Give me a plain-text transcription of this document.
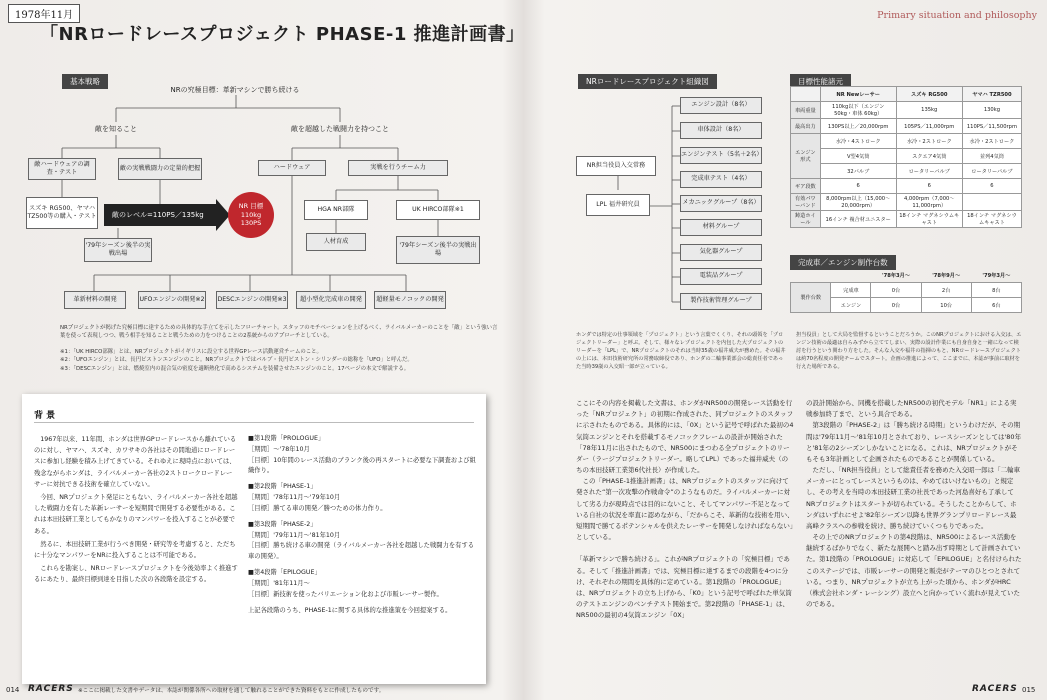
1978年11月
「NRロードレースプロジェクト PHASE-1 推進計画書」
Primary situation and philosophy
基本戦略
NRの究極目標：革新マシンで勝ち続ける
敵を知ること	敵を超越した戦闘力を持つこと
敵ハードウェアの調査・テスト
敵の実戦戦闘力の定量的把握
スズキ RG500、ヤマハ TZ500等の購入・テスト	敵のレベル=110PS／135kg
NR 目標
110kg
130PS
'79年シーズン後半の実戦出場
ハードウェア	実戦を行うチーム力
HGA NR部隊	UK HIRCO部隊※1
人材育成
'79年シーズン後半の実戦出場
革新材料の開発	UFOエンジンの開発※2 DESCエンジンの開発※3	超小型化完成車の開発	超軽量モノコックの開発
NRプロジェクトが掲げた究極目標に達するための具体的な手立てを示したフローチャート。スタッフのモチベーションを上げるべく、ライバルメーカーのことを「敵」という強い言葉を使って表現しつつ、戦う相手を知ることと戦うための力をつけることの2系統からのアプローチとしている。
※1：「UK HIRCO部隊」とは、NRプロジェクトがイギリスに設立する世界GPレース活動運営チームのこと。
※2：「UFOエンジン」とは、長円ピストンエンジンのこと。NRプロジェクトではバルブ・長円ピストン・シリンダーの総称を「UFO」と呼んだ。
※3：「DESCエンジン」とは、燃焼室内の混合気の密度を適断熱化で高めるシステムを装備させたエンジンのこと。17ページの本文で解説する。
背 景

1967年以来、11年間、ホンダは世界GPロードレースから離れているのに対し、ヤマハ、スズキ、カワサキの各社はその間地道にロードレースに参加し経験を積み上げてきている。それゆえに現時点においては、残念ながらホンダは、ライバルメーカー各社の2ストロークロードレーサーに対抗できる技術を確立していない。

今回、NRプロジェクト発足にともない、ライバルメーカー各社を超越した戦闘力を有した革新レーサーを短期間で開発する必要性がある。これは本田技研工業としてもかなりのマンパワーを投入することが必要である。

然るに、本田技研工業が行うべき開発・研究等を考慮すると、ただちに十分なマンパワーをNRに投入することは不可能である。

これらを勘案し、NRロードレースプロジェクトを今後効率よく推進するにあたり、最終目標到達を目指した次の各段階を設定する。

■第1段階「PROLOGUE」
［期間］〜'78年10月
［目標］10年間のレース活動のブランク後の再スタートに必要な下調査および組織作り。
■第2段階「PHASE-1」
［期間］'78年11月〜'79年10月
［目標］勝てる車の開発／勝つための体力作り。
■第3段階「PHASE-2」
［期間］'79年11月〜'81年10月
［目標］勝ち続ける車の開発（ライバルメーカー各社を超越した戦闘力を有する車の開発）。
■第4段階「EPILOGUE」
［期間］'81年11月〜
［目標］新技術を使ったバリエーション化および市販レーサー製作。
上記各段階のうち、PHASE-1に関する具体的な推進策を今回提案する。
NRロードレースプロジェクト組織図
NR担当役員入交常務
LPL 福井研究員
エンジン設計（8名）
車体設計（8名）
エンジンテスト（5名＋2名）
完成車テスト（4名）
メカニックグループ（8名）
材料グループ
気化器グループ
電装品グループ
製作技術管理グループ
目標性能諸元
	NR Newレーサー	スズキ RG500	ヤマハ TZR500
車両重量	110kg以下（エンジン 50kg・車体 60kg）	135kg	130kg
最高出力	130PS以上／20,000rpm	105PS／11,000rpm	110PS／11,500rpm
エンジン形式	水冷・4ストローク	水冷・2ストローク	水冷・2ストローク
	V型4気筒	スクエア4気筒	並列4気筒
	32バルブ	ロータリーバルブ	ロータリーバルブ
ギア段数	6	6	6
有効パワーバンド	8,000rpm以上（15,000〜20,000rpm）	4,000rpm（7,000〜11,000rpm）	
鋳造ホイール	16インチ 複合材ユニスター	18インチ マグネシウムキャスト	18インチ マグネシウムキャスト
完成車／エンジン制作台数
		'78年3月〜	'78年9月〜	'79年3月〜
製作台数	完成車	0台	2台	8台
	エンジン	0台	10台	6台
ホンダでは特定の仕事領域を「プロジェクト」という言葉でくくり、それの頭領を「プロジェクトリーダー」と呼ぶ。そして、様々なレプロジェクトを内包した大プロジェクトのリーダーを「LPL」で、NRプロジェクトのそれは当時35歳の福井威夫が務めた。その福井の上には、本田技術研究所の常務取締役であり、ホンダの二輪事業部会の総責任者であった当時39歳の入交昭一郎が立っている。
担当役員」として大局を監督するということだろうか。このNRプロジェクトにおける入交は、エンジン技術の最適は自らみずから立ててしまい、実際の設計作業にも自身自身と一緒になって検討を行うという関わり方をした。そんな入交や福井の指揮のもと、NRロードレースプロジェクトは約70名程度の開発チームでスタート。企画の推進によって、ここまでに、本誌が事前に取材を行えた場所である。
ここにその内容を掲載した文書は、ホンダがNR500の開発レース活動を行った「NRプロジェクト」の初期に作成された、同プロジェクトのスタッフに示されたものである。具体的には、「0X」という記号で呼ばれた最初の4気筒エンジンとそれを搭載するモノコックフレームの設計が開始された「78年11月に出されたもので、NR500にまつわる全プロジェクトのリーダー（ラージプロジェクトリーダー。略してLPL）であった福井威夫（のちの本田技研工業第6代社長）が作成した。
　この「PHASE-1推進計画書」は、NRプロジェクトのスタッフに向けて発された“第一次攻撃の作戦命令”のようなものだ。ライバルメーカーに対して劣る力が現時点では目的にないこと、そしてマンパワー不足となっている自社の状況を率直に認めながら、「だからこそ、革新的な技術を用い、短期間で勝てるポテンシャルを供えたレーサーを開発しなければならない」としている。

「革新マシンで勝ち続ける」。これがNRプロジェクトの「究極目標」である。そして「推進計画書」では、究極目標に達するまでの段階を4つに分け、それぞれの期間を具体的に定めている。第1段階の「PROLOGUE」は、NRプロジェクトの立ち上げから、「K0」という記号で呼ばれた単気筒のテストエンジンのベンチテスト開始まで。第2段階の「PHASE-1」は、NR500の最初の4気筒エンジン「0X」
の設計開始から、同機を搭載したNR500の初代モデル「NR1」による実戦参加終了まで、という具合である。
　第3段階の「PHASE-2」は「勝ち続ける時期」というわけだが、その期間は'79年11月〜'81年10月とされており、レースシーズンとしては'80年と'81年の2シーズンしかないことになる。これは、NRプロジェクトがそもそも3年計画として企画されたものであることが関係している。
　ただし、「NR担当役員」として総責任者を務めた入交昭一郎は「二輪車メーカーにとってレースというものは、やめてはいけないもの」と規定し、その考えを当時の本田技研工業の社長であった河島喜好も了承してNRプロジェクトはスタートが切られている。そうしたことからして、ホンダはいずれにせよ'82年シーズン以降も世界グランプリロードレース最高峰クラスへの参戦を続け、勝ち続けていくつもりであった。
　その上でのNRプロジェクトの第4段階は、NR500によるレース活動を継続するばかりでなく、新たな展開へと踏み出す時期として計画されていた。第1段階の「PROLOGUE」に対応して「EPILOGUE」と名付けられたこのステージでは、市販レーサーの開発と販売がテーマのひとつとされている。つまり、NRプロジェクトが立ち上がった頃から、ホンダがHRC（株式会社ホンダ・レーシング）設立へと向かっていく流れが見えていたのである。
014 RACERS ※ここに掲載した文書やデータは、本誌が関係各所への取材を通して触れることができた資料をもとに作成したものです。	RACERS 015
